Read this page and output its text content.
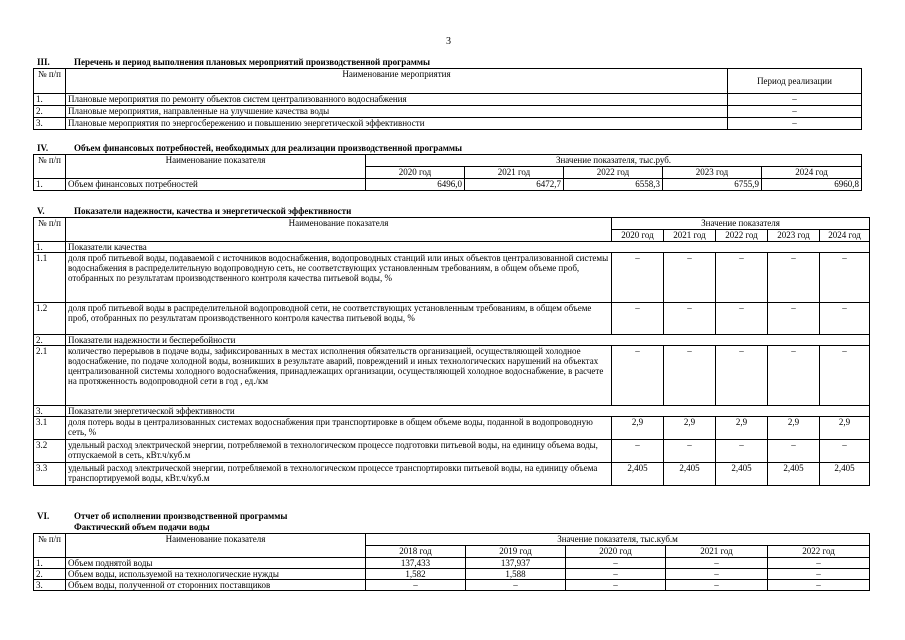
3
III.	Перечень и период выполнения плановых мероприятий производственной программы
№ п/п	Наименование мероприятия	Период реализации
1.	Плановые мероприятия по ремонту объектов систем централизованного водоснабжения	–
2.	Плановые мероприятия, направленные на улучшение качества воды	–
3.	Плановые мероприятия по энергосбережению и повышению энергетической эффективности	–
IV.	Объем финансовых потребностей, необходимых для реализации производственной программы
№ п/п	Наименование показателя	Значение показателя, тыс.руб.				
		2020 год	2021 год	2022 год	2023 год	2024 год
1.	Объем финансовых потребностей	6496,0	6472,7	6558,3	6755,9	6960,8
V.	Показатели надежности, качества и энергетической эффективности
№ п/п	Наименование показателя	Значение показателя				
		2020 год	2021 год	2022 год	2023 год	2024 год
1.	Показатели качества					
1.1	доля проб питьевой воды, подаваемой с источников водоснабжения, водопроводных станций или иных объектов централизованной системы водоснабжения в распределительную водопроводную сеть, не соответствующих установленным требованиям, в общем объеме проб, отобранных по результатам производственного контроля качества питьевой воды, %	–	–	–	–	–
1.2	доля проб питьевой воды в распределительной водопроводной сети, не соответствующих установленным требованиям, в общем объеме проб, отобранных по результатам производственного контроля качества питьевой воды, %	–	–	–	–	–
2.	Показатели надежности и бесперебойности					
2.1	количество перерывов в подаче воды, зафиксированных в местах исполнения обязательств организацией, осуществляющей холодное водоснабжение, по подаче холодной воды, возникших в результате аварий, повреждений и иных технологических нарушений на объектах централизованной системы холодного водоснабжения, принадлежащих организации, осуществляющей холодное водоснабжение, в расчете на протяженность водопроводной сети в год , ед./км	–	–	–	–	–
3.	Показатели энергетической эффективности					
3.1	доля потерь воды в централизованных системах водоснабжения при транспортировке в общем объеме воды, поданной в водопроводную сеть, %	2,9	2,9	2,9	2,9	2,9
3.2	удельный расход электрической энергии, потребляемой в технологическом процессе подготовки питьевой воды, на единицу объема воды, отпускаемой в сеть, кВт.ч/куб.м	–	–	–	–	–
3.3	удельный расход электрической энергии, потребляемой в технологическом процессе транспортировки питьевой воды, на единицу объема транспортируемой воды, кВт.ч/куб.м	2,405	2,405	2,405	2,405	2,405
VI.	Отчет об исполнении производственной программы
Фактический объем подачи воды
№ п/п	Наименование показателя	Значение показателя, тыс.куб.м				
		2018 год	2019 год	2020 год	2021 год	2022 год
1.	Объем поднятой воды	137,433	137,937	–	–	–
2.	Объем воды, используемой на технологические нужды	1,582	1,588	–	–	–
3.	Объем воды, полученной от сторонних поставщиков	–	–	–	–	–
